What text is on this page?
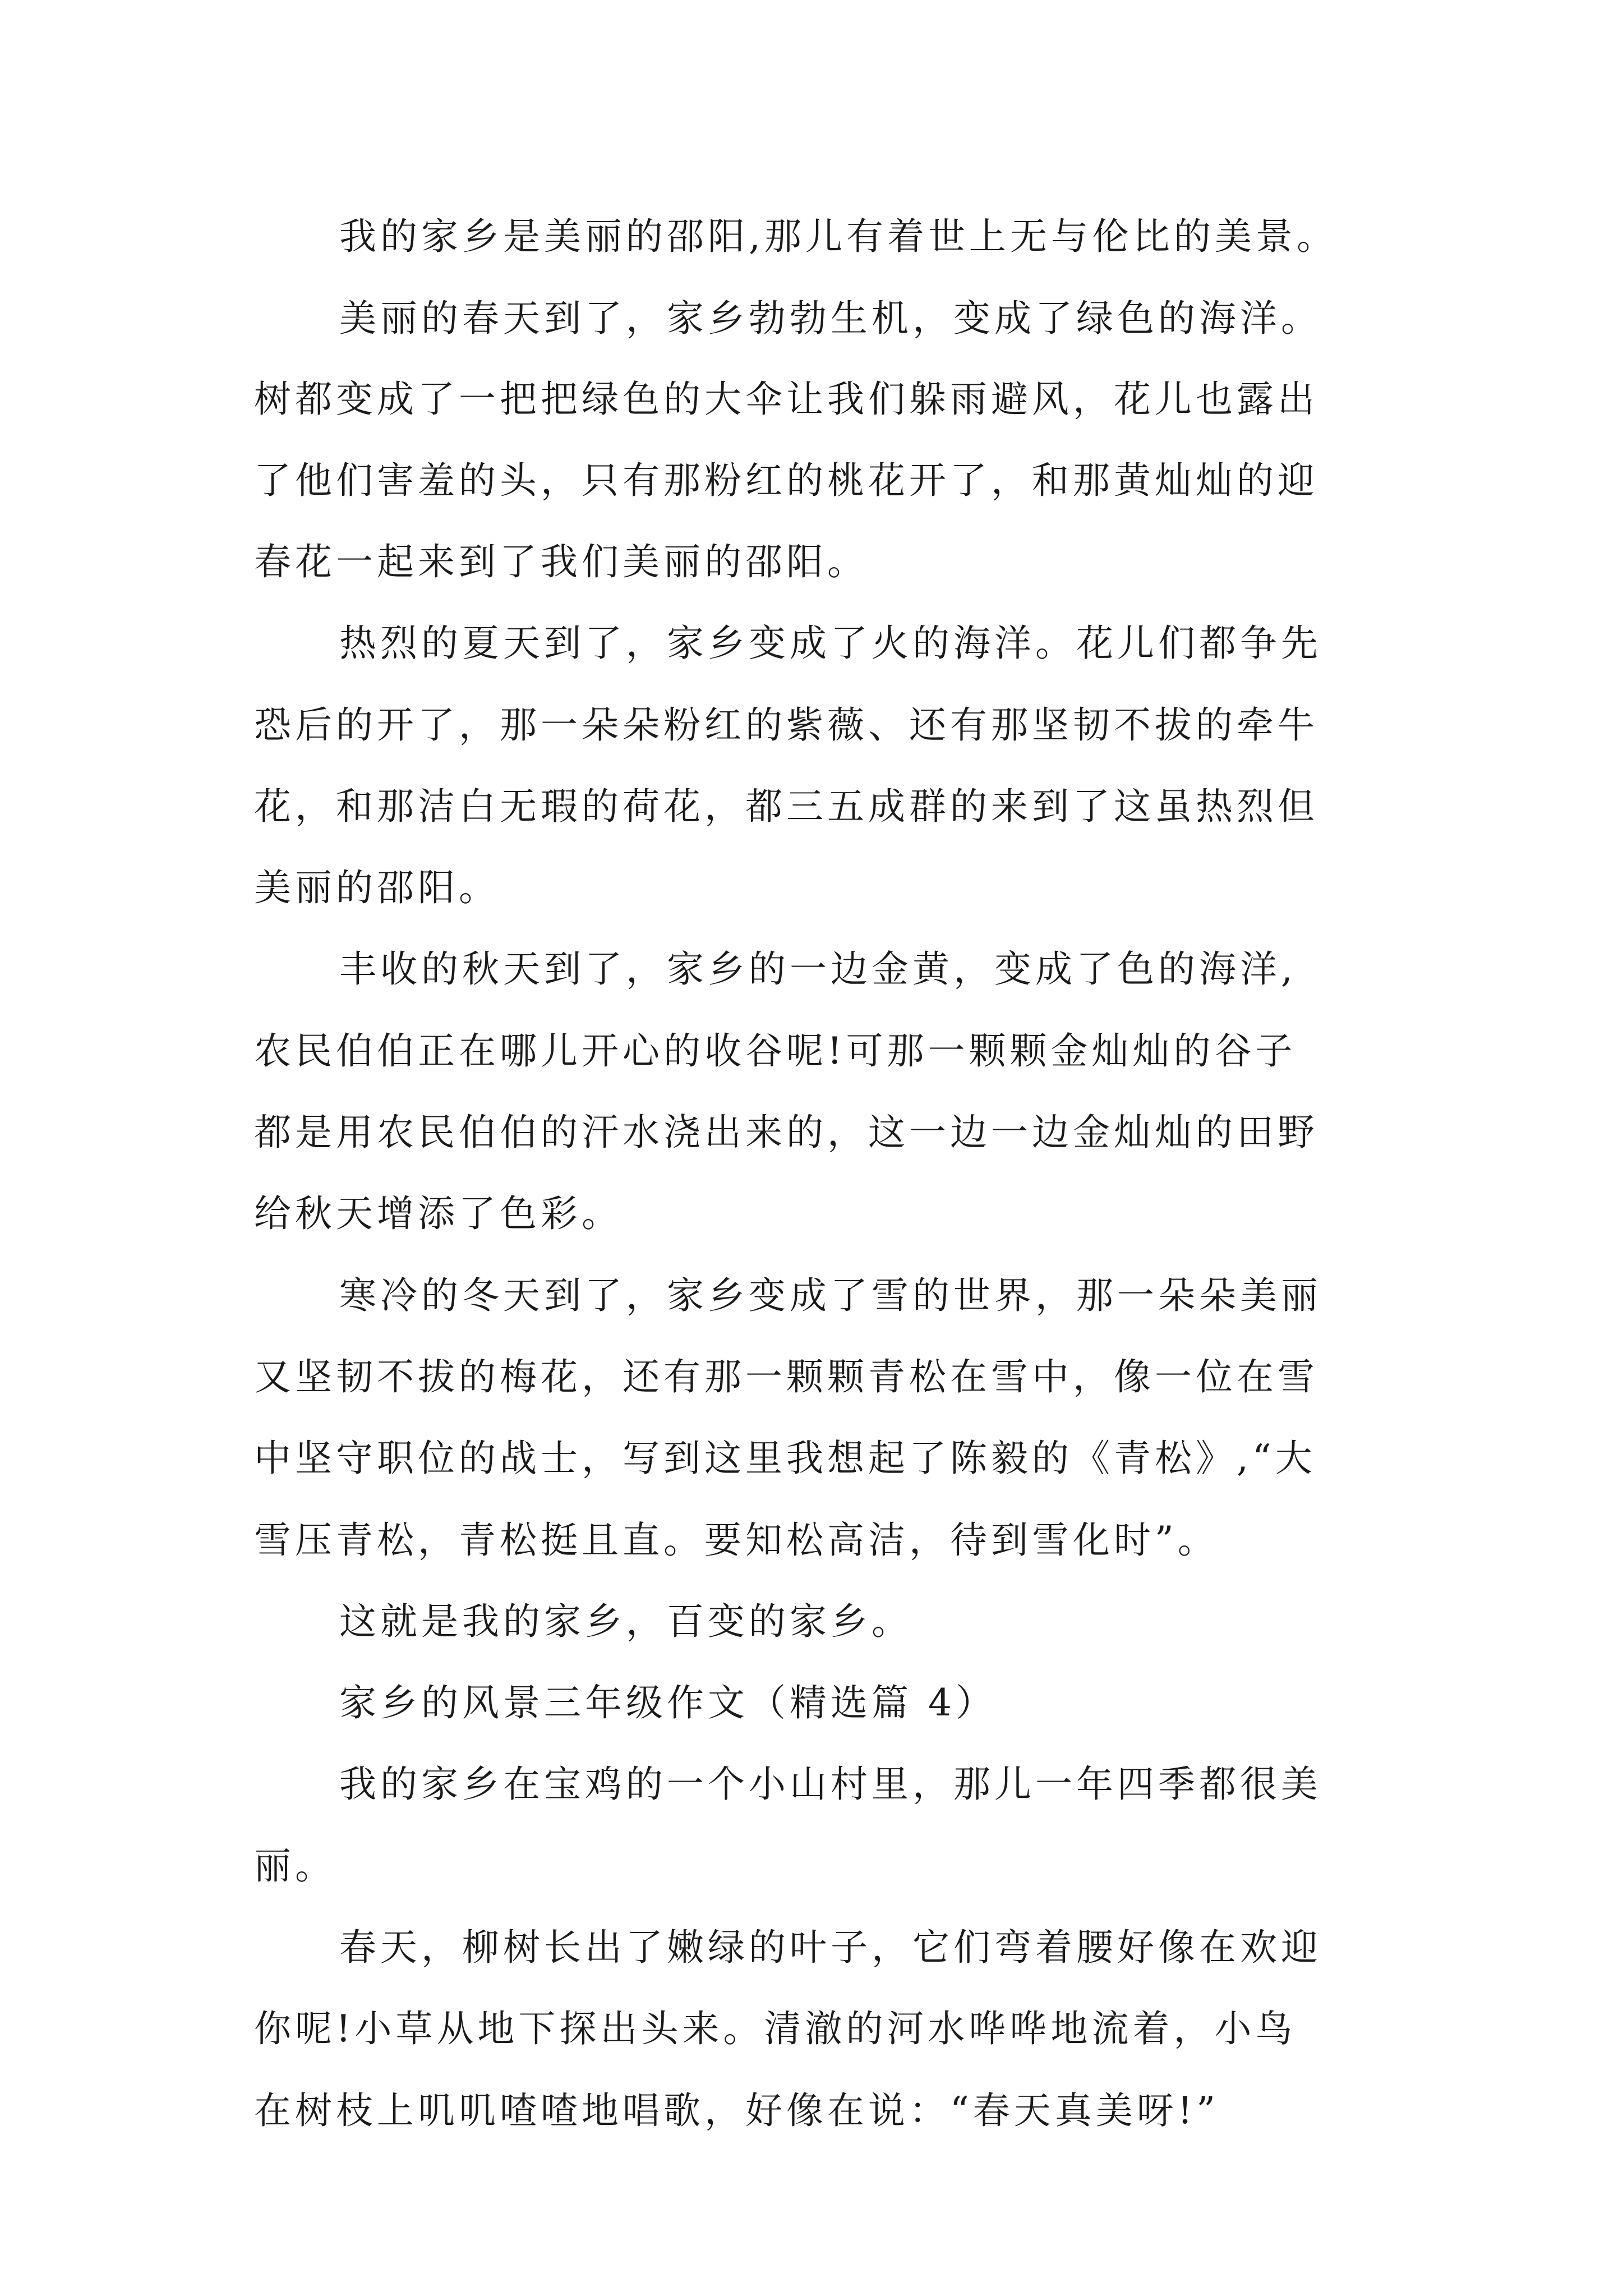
我的家乡是美丽的邵阳,那儿有着世上无与伦比的美景。
美丽的春天到了，家乡勃勃生机，变成了绿色的海洋。
树都变成了一把把绿色的大伞让我们躲雨避风，花儿也露出
了他们害羞的头，只有那粉红的桃花开了，和那黄灿灿的迎
春花一起来到了我们美丽的邵阳。
热烈的夏天到了，家乡变成了火的海洋。花儿们都争先
恐后的开了，那一朵朵粉红的紫薇、还有那坚韧不拔的牵牛
花，和那洁白无瑕的荷花，都三五成群的来到了这虽热烈但
美丽的邵阳。
丰收的秋天到了，家乡的一边金黄，变成了色的海洋,
农民伯伯正在哪儿开心的收谷呢!可那一颗颗金灿灿的谷子
都是用农民伯伯的汗水浇出来的，这一边一边金灿灿的田野
给秋天增添了色彩。
寒冷的冬天到了，家乡变成了雪的世界，那一朵朵美丽
又坚韧不拔的梅花，还有那一颗颗青松在雪中，像一位在雪
中坚守职位的战士，写到这里我想起了陈毅的《青松》,“大
雪压青松，青松挺且直。要知松高洁，待到雪化时”。
这就是我的家乡，百变的家乡。
家乡的风景三年级作文（精选篇 4）
我的家乡在宝鸡的一个小山村里，那儿一年四季都很美
丽。
春天，柳树长出了嫩绿的叶子，它们弯着腰好像在欢迎
你呢!小草从地下探出头来。清澈的河水哗哗地流着，小鸟
在树枝上叽叽喳喳地唱歌，好像在说：“春天真美呀!”
